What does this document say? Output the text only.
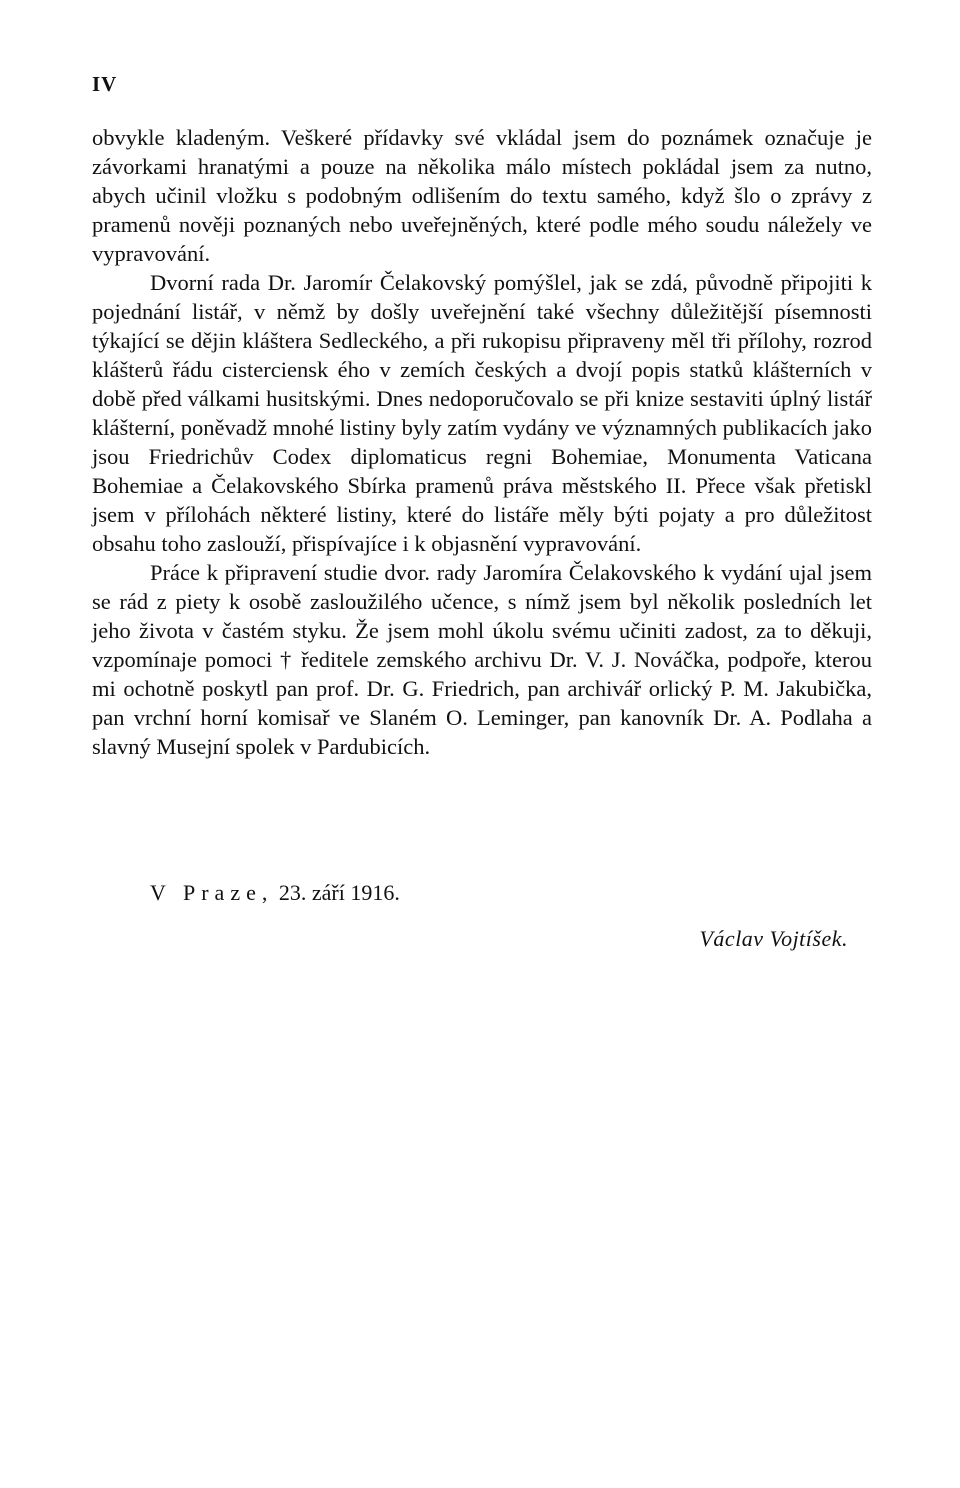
IV

obvykle kladeným. Veškeré přídavky své vkládal jsem do poznámek označuje je závorkami hranatými a pouze na několika málo místech pokládal jsem za nutno, abych učinil vložku s podobným odlišením do textu samého, když šlo o zprávy z pramenů nověji poznaných nebo uveřejněných, které podle mého soudu náležely ve vypravování.

Dvorní rada Dr. Jaromír Čelakovský pomýšlel, jak se zdá, původně připojiti k pojednání listář, v němž by došly uveřejnění také všechny důležitější písemnosti týkající se dějin kláštera Sedleckého, a při rukopisu připraveny měl tři přílohy, rozrod klášterů řádu cisterciensk ého v zemích českých a dvojí popis statků klášterních v době před válkami husitskými. Dnes nedoporučovalo se při knize sestaviti úplný listář klášterní, poněvadž mnohé listiny byly zatím vydány ve významných publikacích jako jsou Friedrichův Codex diplomaticus regni Bohemiae, Monumenta Vaticana Bohemiae a Čelakovského Sbírka pramenů práva městského II. Přece však přetiskl jsem v přílohách některé listiny, které do listáře měly býti pojaty a pro důležitost obsahu toho zaslouží, přispívajíce i k objasnění vypravování.

Práce k připravení studie dvor. rady Jaromíra Čelakovského k vydání ujal jsem se rád z piety k osobě zasloužilého učence, s nímž jsem byl několik posledních let jeho života v častém styku. Že jsem mohl úkolu svému učiniti zadost, za to děkuji, vzpomínaje pomoci † ředitele zemského archivu Dr. V. J. Nováčka, podpoře, kterou mi ochotně poskytl pan prof. Dr. G. Friedrich, pan archivář orlický P. M. Jakubička, pan vrchní horní komisař ve Slaném O. Leminger, pan kanovník Dr. A. Podlaha a slavný Musejní spolek v Pardubicích.

V Praze, 23. září 1916.
Václav Vojtíšek.
